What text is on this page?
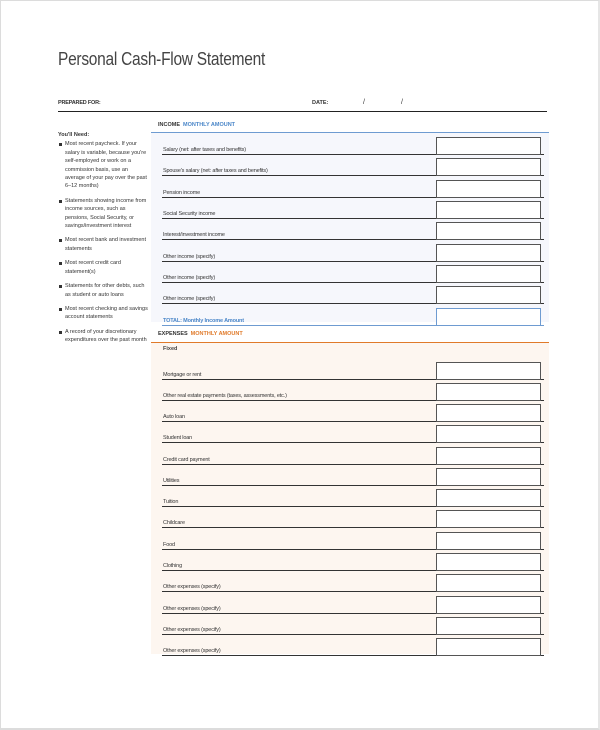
Personal Cash-Flow Statement
PREPARED FOR:	DATE:	/	/
You'll Need:
Most recent paycheck. If your salary is variable, because you're self-employed or work on a commission basis, use an average of your pay over the past 6–12 months)
Statements showing income from income sources, such as pensions, Social Security, or savings/investment interest
Most recent bank and investment statements
Most recent credit card statement(s)
Statements for other debts, such as student or auto loans
Most recent checking and savings account statements
A record of your discretionary expenditures over the past month
INCOME MONTHLY AMOUNT
Salary (net: after taxes and benefits)
Spouse's salary (net: after taxes and benefits)
Pension income
Social Security income
Interest/investment income
Other income (specify)
Other income (specify)
Other income (specify)
TOTAL: Monthly Income Amount
EXPENSES MONTHLY AMOUNT
Fixed
Mortgage or rent
Other real estate payments (taxes, assessments, etc.)
Auto loan
Student loan
Credit card payment
Utilities
Tuition
Childcare
Food
Clothing
Other expenses (specify)
Other expenses (specify)
Other expenses (specify)
Other expenses (specify)
